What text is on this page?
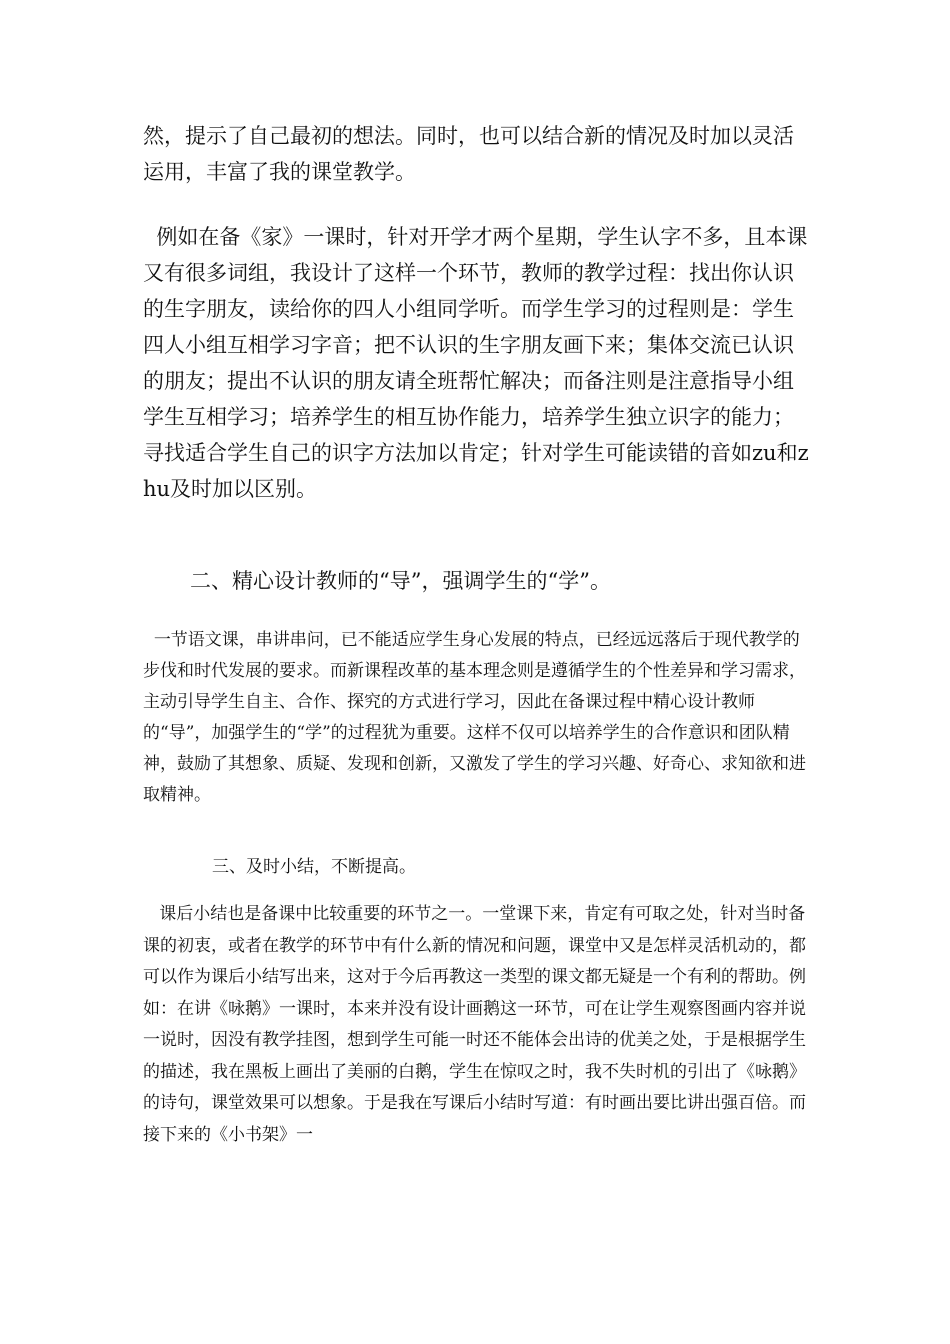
然，提示了自己最初的想法。同时，也可以结合新的情况及时加以灵活运用，丰富了我的课堂教学。

例如在备《家》一课时，针对开学才两个星期，学生认字不多，且本课又有很多词组，我设计了这样一个环节，教师的教学过程：找出你认识的生字朋友，读给你的四人小组同学听。而学生学习的过程则是：学生四人小组互相学习字音；把不认识的生字朋友画下来；集体交流已认识的朋友；提出不认识的朋友请全班帮忙解决；而备注则是注意指导小组学生互相学习；培养学生的相互协作能力，培养学生独立识字的能力；寻找适合学生自己的识字方法加以肯定；针对学生可能读错的音如zu和zhu及时加以区别。

二、精心设计教师的“导”，强调学生的“学”。

一节语文课，串讲串问，已不能适应学生身心发展的特点，已经远远落后于现代教学的步伐和时代发展的要求。而新课程改革的基本理念则是遵循学生的个性差异和学习需求，主动引导学生自主、合作、探究的方式进行学习，因此在备课过程中精心设计教师的“导”，加强学生的“学”的过程犹为重要。这样不仅可以培养学生的合作意识和团队精神，鼓励了其想象、质疑、发现和创新，又激发了学生的学习兴趣、好奇心、求知欲和进取精神。

三、及时小结，不断提高。

课后小结也是备课中比较重要的环节之一。一堂课下来，肯定有可取之处，针对当时备课的初衷，或者在教学的环节中有什么新的情况和问题，课堂中又是怎样灵活机动的，都可以作为课后小结写出来，这对于今后再教这一类型的课文都无疑是一个有利的帮助。例如：在讲《咏鹅》一课时，本来并没有设计画鹅这一环节，可在让学生观察图画内容并说一说时，因没有教学挂图，想到学生可能一时还不能体会出诗的优美之处，于是根据学生的描述，我在黑板上画出了美丽的白鹅，学生在惊叹之时，我不失时机的引出了《咏鹅》的诗句，课堂效果可以想象。于是我在写课后小结时写道：有时画出要比讲出强百倍。而接下来的《小书架》一
